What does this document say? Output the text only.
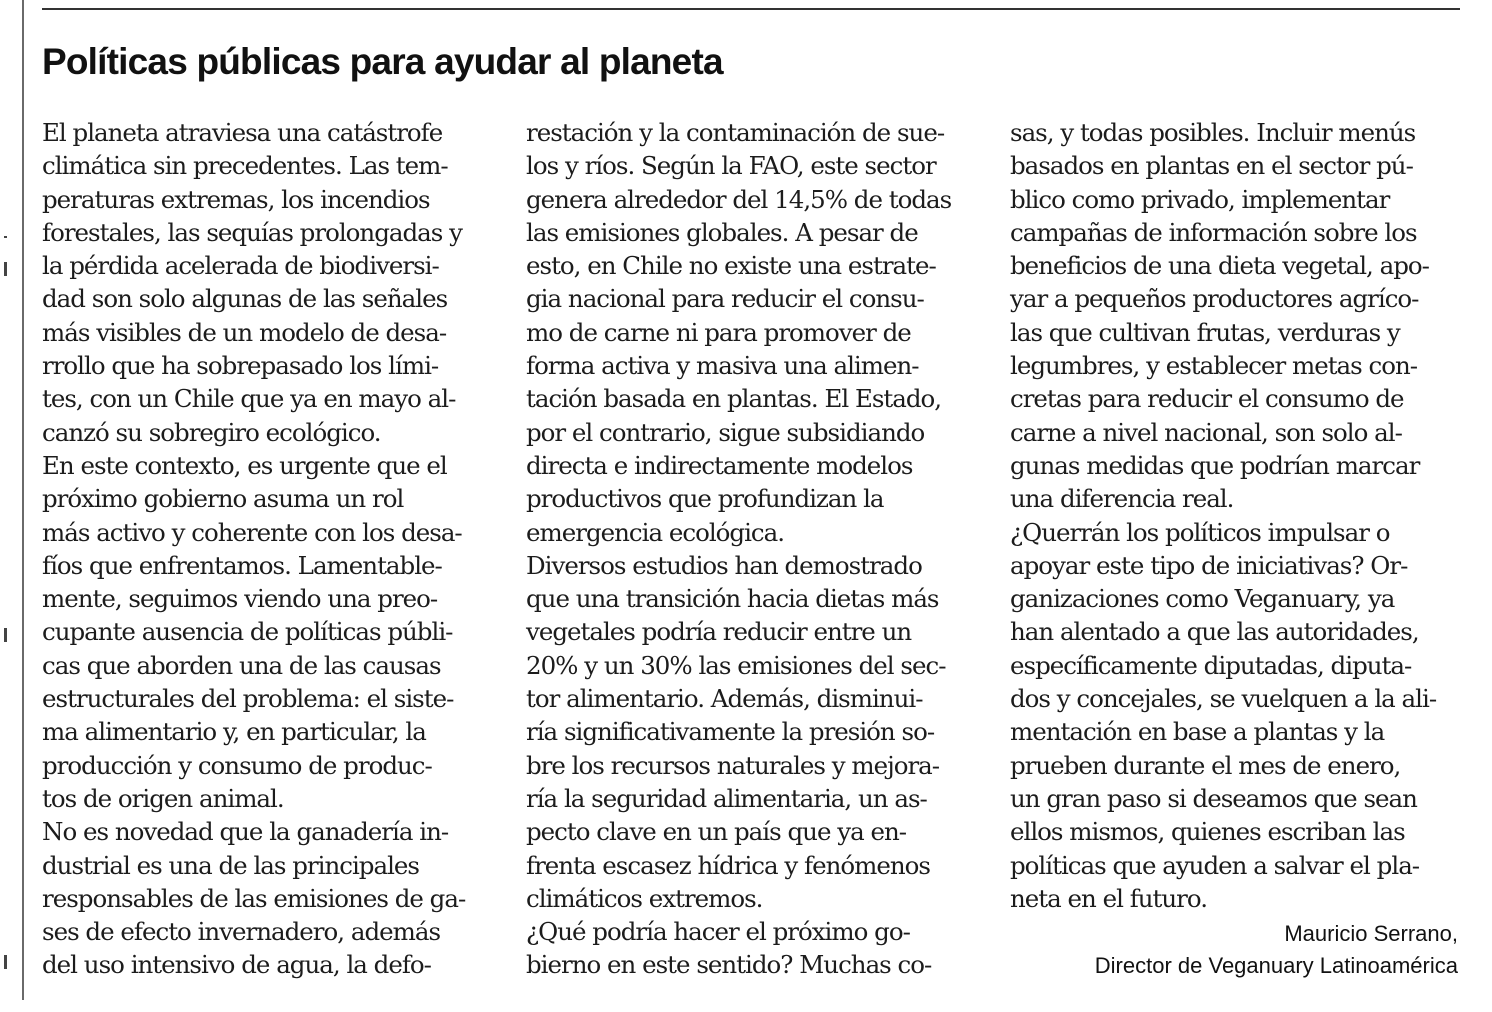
Políticas públicas para ayudar al planeta
El planeta atraviesa una catástrofe
climática sin precedentes. Las tem-
peraturas extremas, los incendios
forestales, las sequías prolongadas y
la pérdida acelerada de biodiversi-
dad son solo algunas de las señales
más visibles de un modelo de desa-
rrollo que ha sobrepasado los lími-
tes, con un Chile que ya en mayo al-
canzó su sobregiro ecológico.
En este contexto, es urgente que el
próximo gobierno asuma un rol
más activo y coherente con los desa-
fíos que enfrentamos. Lamentable-
mente, seguimos viendo una preo-
cupante ausencia de políticas públi-
cas que aborden una de las causas
estructurales del problema: el siste-
ma alimentario y, en particular, la
producción y consumo de produc-
tos de origen animal.
No es novedad que la ganadería in-
dustrial es una de las principales
responsables de las emisiones de ga-
ses de efecto invernadero, además
del uso intensivo de agua, la defo-
restación y la contaminación de sue-
los y ríos. Según la FAO, este sector
genera alrededor del 14,5% de todas
las emisiones globales. A pesar de
esto, en Chile no existe una estrate-
gia nacional para reducir el consu-
mo de carne ni para promover de
forma activa y masiva una alimen-
tación basada en plantas. El Estado,
por el contrario, sigue subsidiando
directa e indirectamente modelos
productivos que profundizan la
emergencia ecológica.
Diversos estudios han demostrado
que una transición hacia dietas más
vegetales podría reducir entre un
20% y un 30% las emisiones del sec-
tor alimentario. Además, disminui-
ría significativamente la presión so-
bre los recursos naturales y mejora-
ría la seguridad alimentaria, un as-
pecto clave en un país que ya en-
frenta escasez hídrica y fenómenos
climáticos extremos.
¿Qué podría hacer el próximo go-
bierno en este sentido? Muchas co-
sas, y todas posibles. Incluir menús
basados en plantas en el sector pú-
blico como privado, implementar
campañas de información sobre los
beneficios de una dieta vegetal, apo-
yar a pequeños productores agríco-
las que cultivan frutas, verduras y
legumbres, y establecer metas con-
cretas para reducir el consumo de
carne a nivel nacional, son solo al-
gunas medidas que podrían marcar
una diferencia real.
¿Querrán los políticos impulsar o
apoyar este tipo de iniciativas? Or-
ganizaciones como Veganuary, ya
han alentado a que las autoridades,
específicamente diputadas, diputa-
dos y concejales, se vuelquen a la ali-
mentación en base a plantas y la
prueben durante el mes de enero,
un gran paso si deseamos que sean
ellos mismos, quienes escriban las
políticas que ayuden a salvar el pla-
neta en el futuro.
Mauricio Serrano,
Director de Veganuary Latinoamérica
